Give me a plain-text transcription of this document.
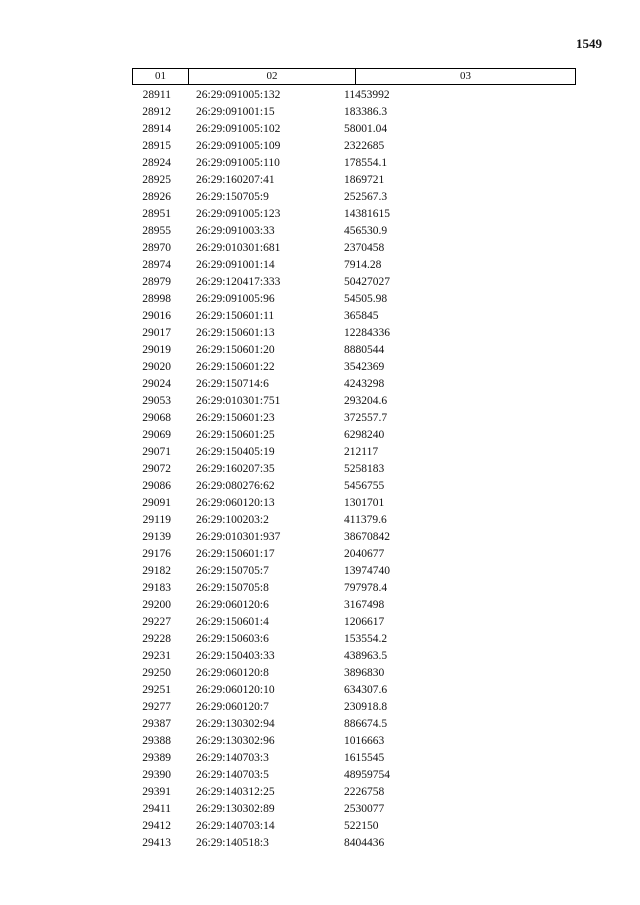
1549
01	02	03
28911	26:29:091005:132	11453992
28912	26:29:091001:15	183386.3
28914	26:29:091005:102	58001.04
28915	26:29:091005:109	2322685
28924	26:29:091005:110	178554.1
28925	26:29:160207:41	1869721
28926	26:29:150705:9	252567.3
28951	26:29:091005:123	14381615
28955	26:29:091003:33	456530.9
28970	26:29:010301:681	2370458
28974	26:29:091001:14	7914.28
28979	26:29:120417:333	50427027
28998	26:29:091005:96	54505.98
29016	26:29:150601:11	365845
29017	26:29:150601:13	12284336
29019	26:29:150601:20	8880544
29020	26:29:150601:22	3542369
29024	26:29:150714:6	4243298
29053	26:29:010301:751	293204.6
29068	26:29:150601:23	372557.7
29069	26:29:150601:25	6298240
29071	26:29:150405:19	212117
29072	26:29:160207:35	5258183
29086	26:29:080276:62	5456755
29091	26:29:060120:13	1301701
29119	26:29:100203:2	411379.6
29139	26:29:010301:937	38670842
29176	26:29:150601:17	2040677
29182	26:29:150705:7	13974740
29183	26:29:150705:8	797978.4
29200	26:29:060120:6	3167498
29227	26:29:150601:4	1206617
29228	26:29:150603:6	153554.2
29231	26:29:150403:33	438963.5
29250	26:29:060120:8	3896830
29251	26:29:060120:10	634307.6
29277	26:29:060120:7	230918.8
29387	26:29:130302:94	886674.5
29388	26:29:130302:96	1016663
29389	26:29:140703:3	1615545
29390	26:29:140703:5	48959754
29391	26:29:140312:25	2226758
29411	26:29:130302:89	2530077
29412	26:29:140703:14	522150
29413	26:29:140518:3	8404436
